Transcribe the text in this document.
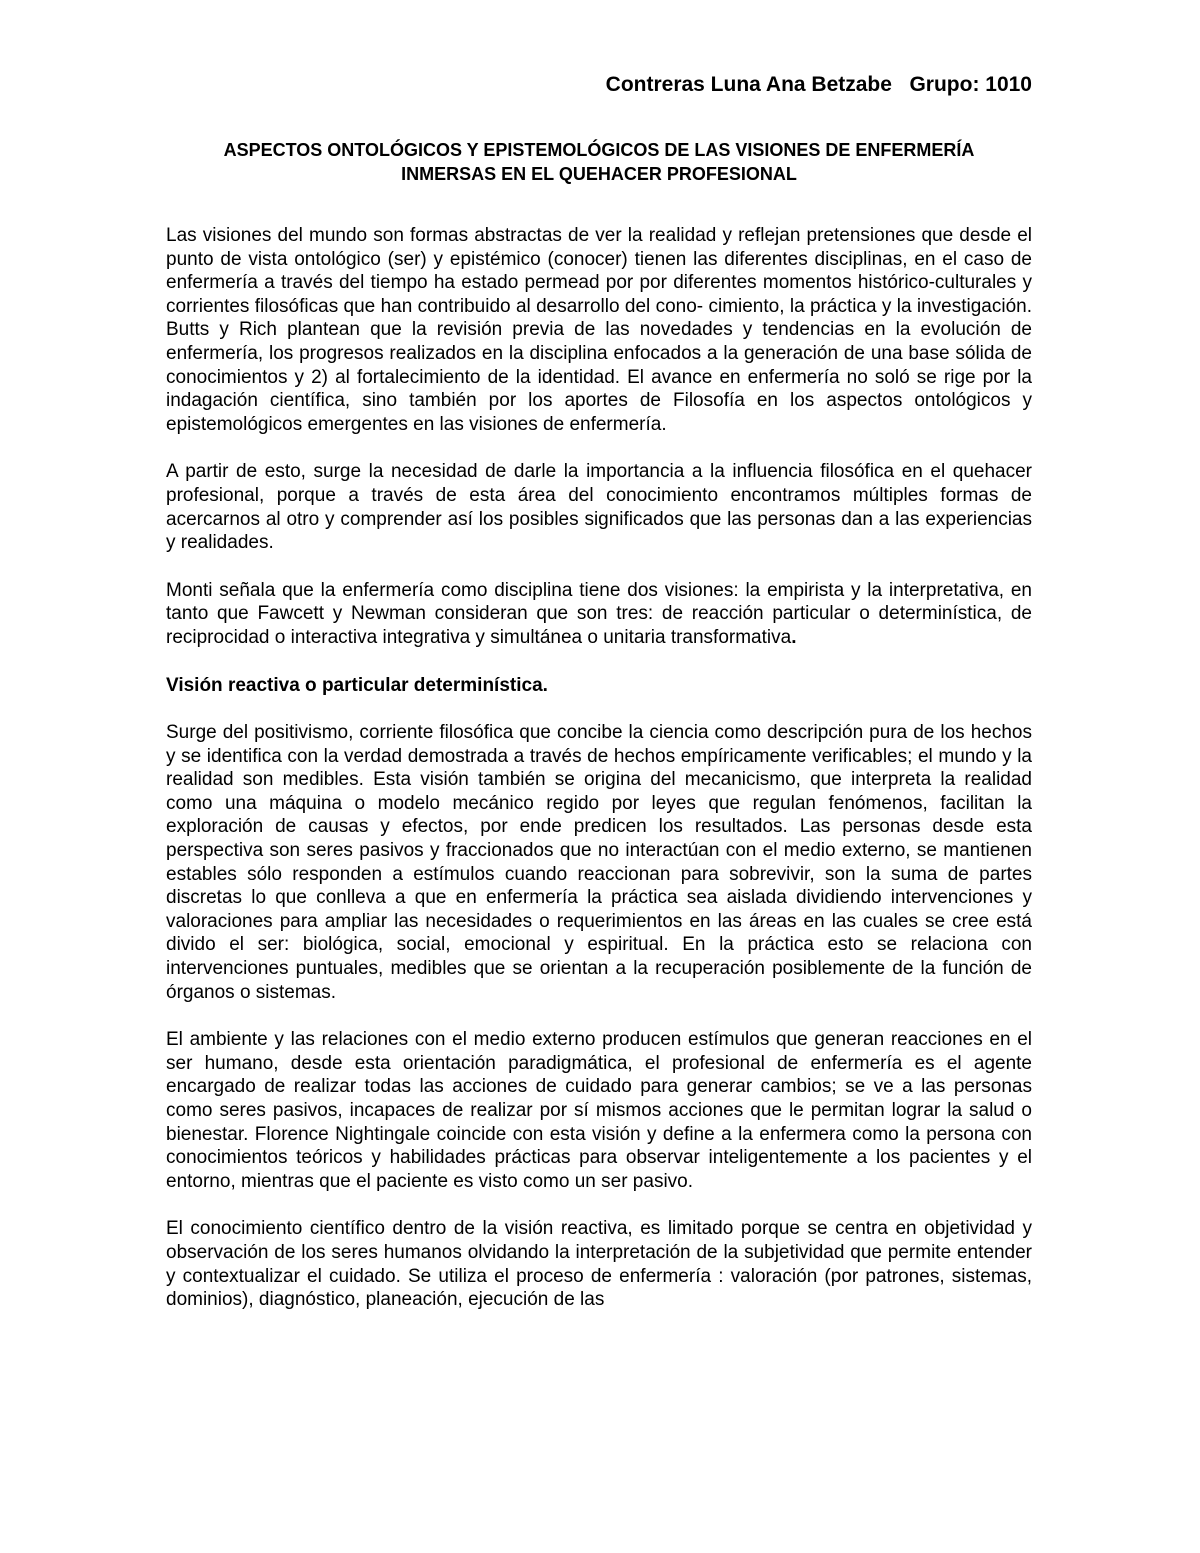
Contreras Luna Ana Betzabe Grupo: 1010
ASPECTOS ONTOLÓGICOS Y EPISTEMOLÓGICOS DE LAS VISIONES DE ENFERMERÍA
INMERSAS EN EL QUEHACER PROFESIONAL

Las visiones del mundo son formas abstractas de ver la realidad y reflejan pretensiones que desde el punto de vista ontológico (ser) y epistémico (conocer) tienen las diferentes disciplinas, en el caso de enfermería a través del tiempo ha estado permead por por diferentes momentos histórico-culturales y corrientes filosóficas que han contribuido al desarrollo del cono- cimiento, la práctica y la investigación. Butts y Rich plantean que la revisión previa de las novedades y tendencias en la evolución de enfermería, los progresos realizados en la disciplina enfocados a la generación de una base sólida de conocimientos y 2) al fortalecimiento de la identidad. El avance en enfermería no soló se rige por la indagación científica, sino también por los aportes de Filosofía en los aspectos ontológicos y epistemológicos emergentes en las visiones de enfermería.

A partir de esto, surge la necesidad de darle la importancia a la influencia filosófica en el quehacer profesional, porque a través de esta área del conocimiento encontramos múltiples formas de acercarnos al otro y comprender así los posibles significados que las personas dan a las experiencias y realidades.

Monti señala que la enfermería como disciplina tiene dos visiones: la empirista y la interpretativa, en tanto que Fawcett y Newman consideran que son tres: de reacción particular o determinística, de reciprocidad o interactiva integrativa y simultánea o unitaria transformativa.

Visión reactiva o particular determinística.

Surge del positivismo, corriente filosófica que concibe la ciencia como descripción pura de los hechos y se identifica con la verdad demostrada a través de hechos empíricamente verificables; el mundo y la realidad son medibles. Esta visión también se origina del mecanicismo, que interpreta la realidad como una máquina o modelo mecánico regido por leyes que regulan fenómenos, facilitan la exploración de causas y efectos, por ende predicen los resultados. Las personas desde esta perspectiva son seres pasivos y fraccionados que no interactúan con el medio externo, se mantienen estables sólo responden a estímulos cuando reaccionan para sobrevivir, son la suma de partes discretas lo que conlleva a que en enfermería la práctica sea aislada dividiendo intervenciones y valoraciones para ampliar las necesidades o requerimientos en las áreas en las cuales se cree está divido el ser: biológica, social, emocional y espiritual. En la práctica esto se relaciona con intervenciones puntuales, medibles que se orientan a la recuperación posiblemente de la función de órganos o sistemas.

El ambiente y las relaciones con el medio externo producen estímulos que generan reacciones en el ser humano, desde esta orientación paradigmática, el profesional de enfermería es el agente encargado de realizar todas las acciones de cuidado para generar cambios; se ve a las personas como seres pasivos, incapaces de realizar por sí mismos acciones que le permitan lograr la salud o bienestar. Florence Nightingale coincide con esta visión y define a la enfermera como la persona con conocimientos teóricos y habilidades prácticas para observar inteligentemente a los pacientes y el entorno, mientras que el paciente es visto como un ser pasivo.

El conocimiento científico dentro de la visión reactiva, es limitado porque se centra en objetividad y observación de los seres humanos olvidando la interpretación de la subjetividad que permite entender y contextualizar el cuidado. Se utiliza el proceso de enfermería : valoración (por patrones, sistemas, dominios), diagnóstico, planeación, ejecución de las
